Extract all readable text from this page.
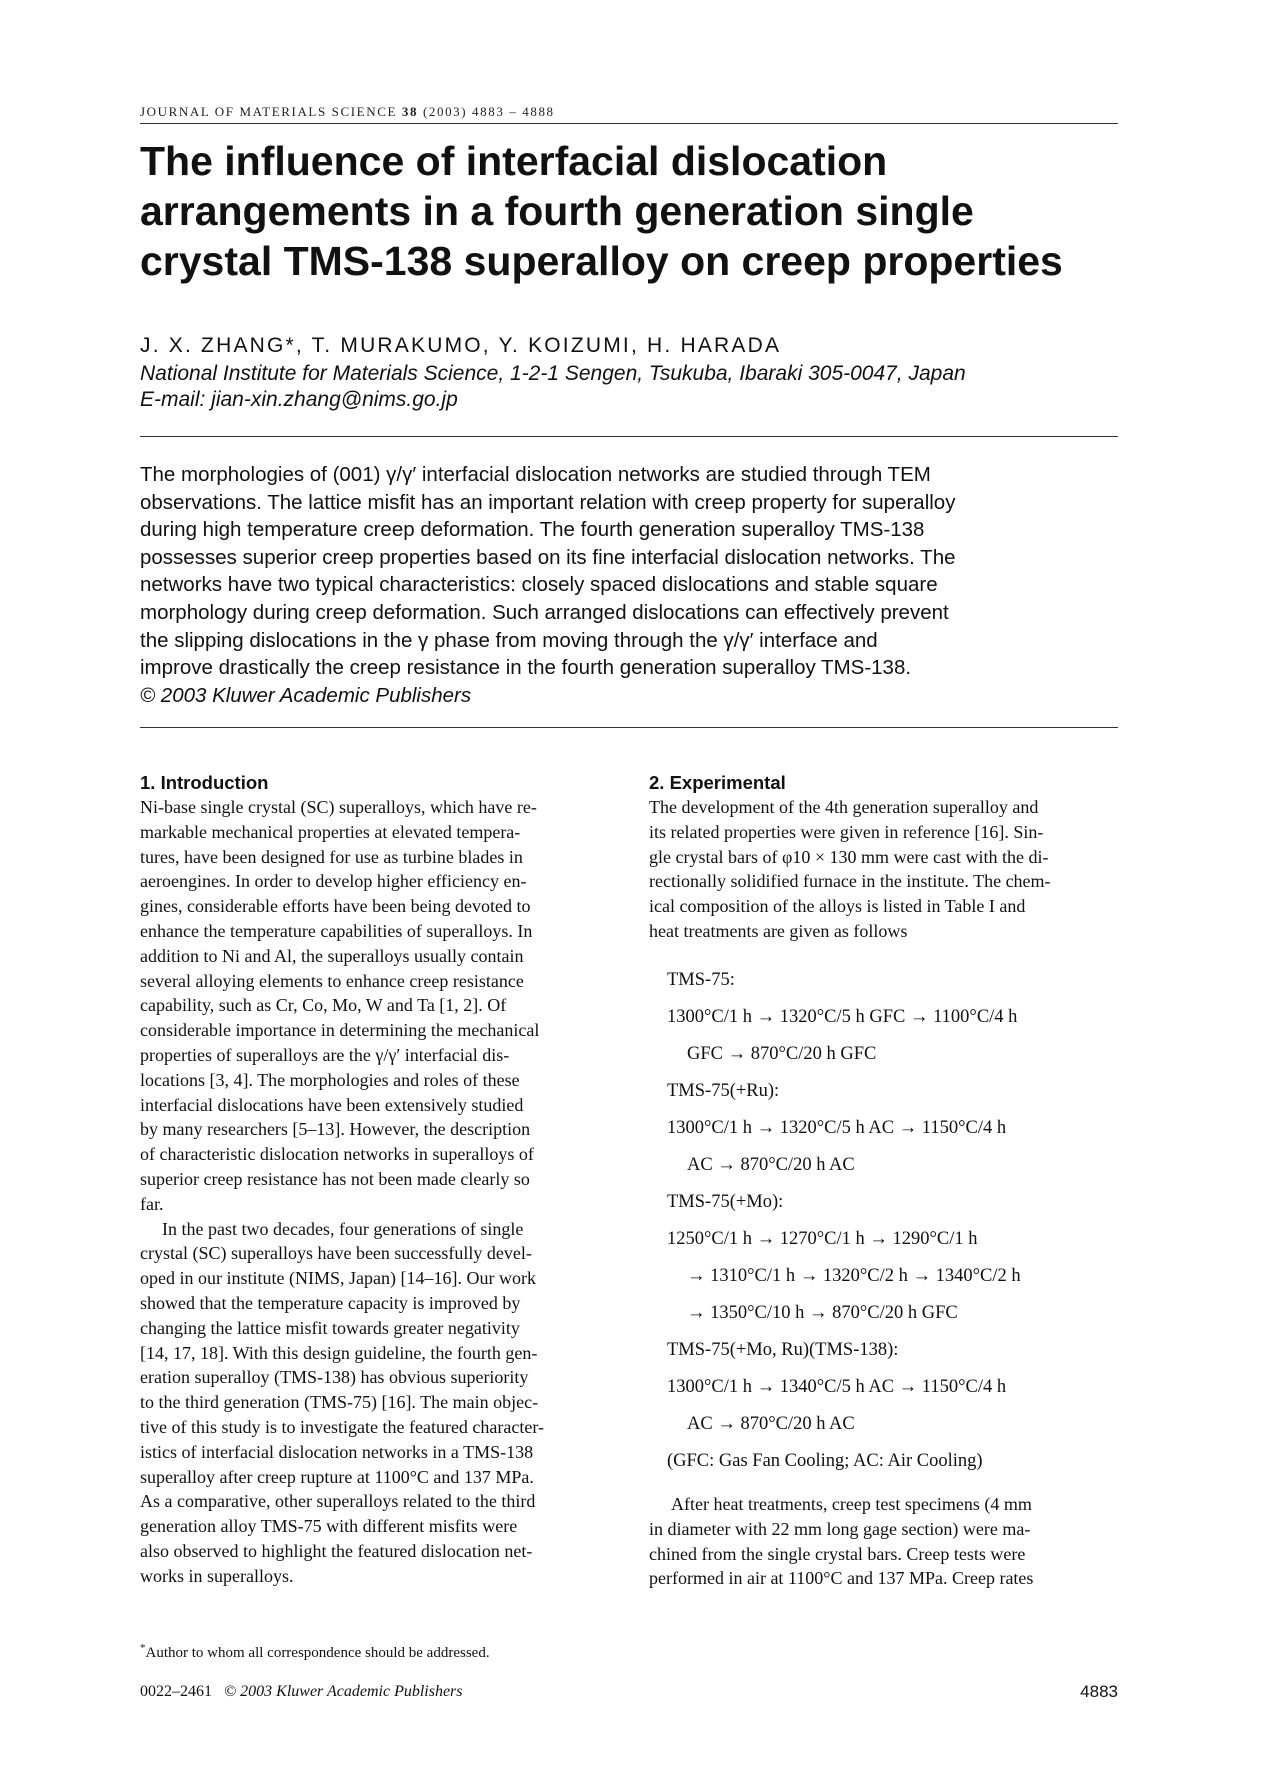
JOURNAL OF MATERIALS SCIENCE 38 (2003) 4883 – 4888
The influence of interfacial dislocation
arrangements in a fourth generation single
crystal TMS-138 superalloy on creep properties
J. X. ZHANG*, T. MURAKUMO, Y. KOIZUMI, H. HARADA
National Institute for Materials Science, 1-2-1 Sengen, Tsukuba, Ibaraki 305-0047, Japan
E-mail: jian-xin.zhang@nims.go.jp
The morphologies of (001) γ/γ′ interfacial dislocation networks are studied through TEM
observations. The lattice misfit has an important relation with creep property for superalloy
during high temperature creep deformation. The fourth generation superalloy TMS-138
possesses superior creep properties based on its fine interfacial dislocation networks. The
networks have two typical characteristics: closely spaced dislocations and stable square
morphology during creep deformation. Such arranged dislocations can effectively prevent
the slipping dislocations in the γ phase from moving through the γ/γ′ interface and
improve drastically the creep resistance in the fourth generation superalloy TMS-138.
© 2003 Kluwer Academic Publishers
1. Introduction
Ni-base single crystal (SC) superalloys, which have re-
markable mechanical properties at elevated tempera-
tures, have been designed for use as turbine blades in
aeroengines. In order to develop higher efficiency en-
gines, considerable efforts have been being devoted to
enhance the temperature capabilities of superalloys. In
addition to Ni and Al, the superalloys usually contain
several alloying elements to enhance creep resistance
capability, such as Cr, Co, Mo, W and Ta [1, 2]. Of
considerable importance in determining the mechanical
properties of superalloys are the γ/γ′ interfacial dis-
locations [3, 4]. The morphologies and roles of these
interfacial dislocations have been extensively studied
by many researchers [5–13]. However, the description
of characteristic dislocation networks in superalloys of
superior creep resistance has not been made clearly so
far.
In the past two decades, four generations of single
crystal (SC) superalloys have been successfully devel-
oped in our institute (NIMS, Japan) [14–16]. Our work
showed that the temperature capacity is improved by
changing the lattice misfit towards greater negativity
[14, 17, 18]. With this design guideline, the fourth gen-
eration superalloy (TMS-138) has obvious superiority
to the third generation (TMS-75) [16]. The main objec-
tive of this study is to investigate the featured character-
istics of interfacial dislocation networks in a TMS-138
superalloy after creep rupture at 1100°C and 137 MPa.
As a comparative, other superalloys related to the third
generation alloy TMS-75 with different misfits were
also observed to highlight the featured dislocation net-
works in superalloys.
2. Experimental
The development of the 4th generation superalloy and
its related properties were given in reference [16]. Sin-
gle crystal bars of φ10 × 130 mm were cast with the di-
rectionally solidified furnace in the institute. The chem-
ical composition of the alloys is listed in Table I and
heat treatments are given as follows
TMS-75:
1300°C/1 h → 1320°C/5 h GFC → 1100°C/4 h
GFC → 870°C/20 h GFC
TMS-75(+Ru):
1300°C/1 h → 1320°C/5 h AC → 1150°C/4 h
AC → 870°C/20 h AC
TMS-75(+Mo):
1250°C/1 h → 1270°C/1 h → 1290°C/1 h
→ 1310°C/1 h → 1320°C/2 h → 1340°C/2 h
→ 1350°C/10 h → 870°C/20 h GFC
TMS-75(+Mo, Ru)(TMS-138):
1300°C/1 h → 1340°C/5 h AC → 1150°C/4 h
AC → 870°C/20 h AC
(GFC: Gas Fan Cooling; AC: Air Cooling)
After heat treatments, creep test specimens (4 mm
in diameter with 22 mm long gage section) were ma-
chined from the single crystal bars. Creep tests were
performed in air at 1100°C and 137 MPa. Creep rates
*Author to whom all correspondence should be addressed.
0022–2461 © 2003 Kluwer Academic Publishers	4883
